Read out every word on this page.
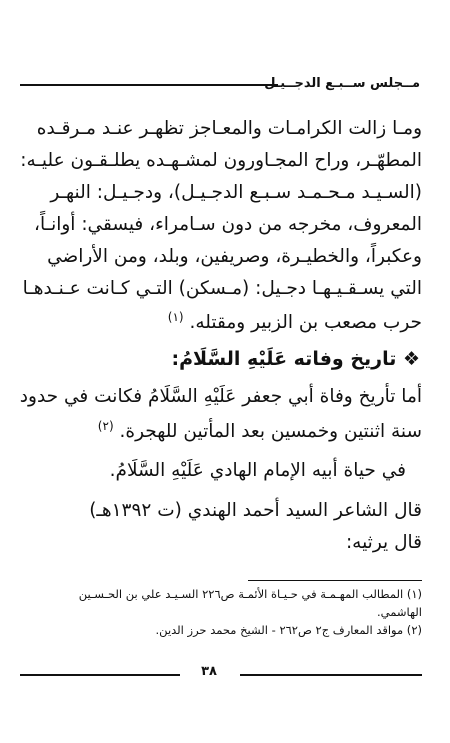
مــجلس ســبـع الدجــيـل
ومـا زالت الكرامـات والمعـاجز تظهـر عنـد مـرقـده
المطهّـر، وراح المجـاورون لمشـهـده يطلـقـون عليـه:
(السـيـد مـحـمـد سـبـع الدجـيـل)، ودجـيـل: النهـر
المعروف، مخرجه من دون سـامراء، فيسقي: أوانـاً،
وعكبراً، والخطيـرة، وصريفين، وبلد، ومن الأراضي
التي يسـقـيـهـا دجـيل: (مـسكن) التـي كـانت عـنـدهـا
حرب مصعب بن الزبير ومقتله. $^{(١)}$
❖ تاريخ وفاته عَلَيْهِ السَّلَامُ:
أما تأريخ وفاة أبي جعفر عَلَيْهِ السَّلَامُ فكانت في حدود
سنة اثنتين وخمسين بعد المأتين للهجرة. $^{(٢)}$
في حياة أبيه الإمام الهادي عَلَيْهِ السَّلَامُ.
قال الشاعر السيد أحمد الهندي (ت ١٣٩٢هـ)
قال يرثيه:
(١) المطالب المهـمـة في حـيـاة الأئمـة ص٢٢٦ السـيـد علي بن الحـسـين
الهاشمي.
(٢) مواقد المعارف ج٢ ص٢٦٢ - الشيخ محمد حرز الدين.
٣٨
